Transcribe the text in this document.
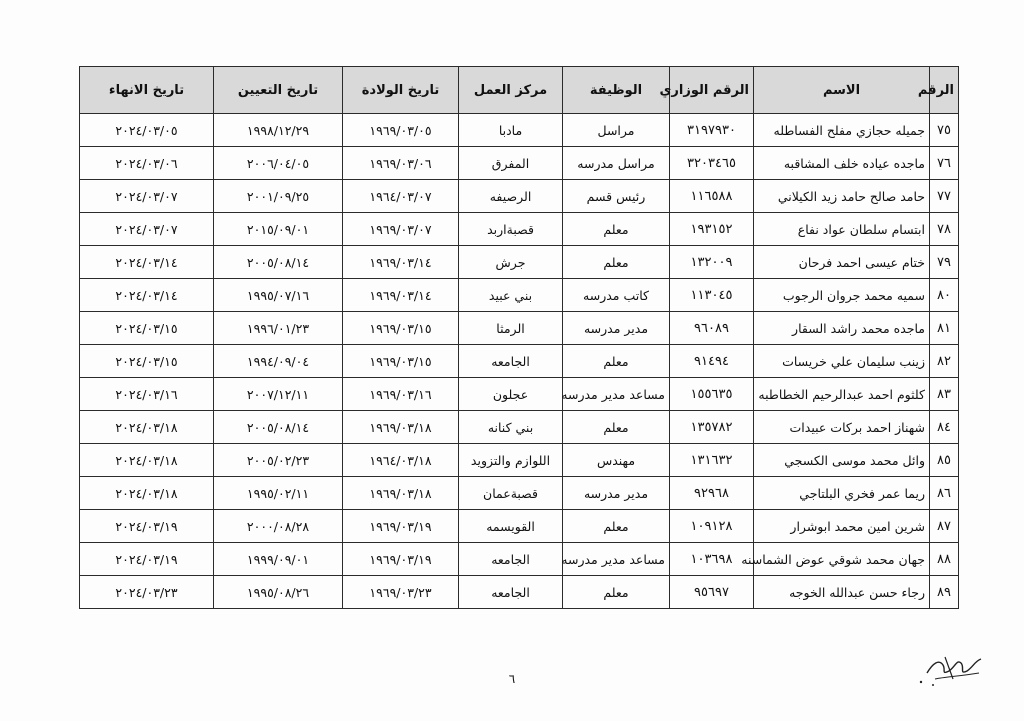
الرقم	الاسم	الرقم الوزاري	الوظيفة	مركز العمل	تاريخ الولادة	تاريخ التعيين	تاريخ الانهاء
٧٥	جميله حجازي مفلح الفساطله	٣١٩٧٩٣٠	مراسل	مادبا	١٩٦٩/٠٣/٠٥	١٩٩٨/١٢/٢٩	٢٠٢٤/٠٣/٠٥
٧٦	ماجده عياده خلف المشاقبه	٣٢٠٣٤٦٥	مراسل مدرسه	المفرق	١٩٦٩/٠٣/٠٦	٢٠٠٦/٠٤/٠٥	٢٠٢٤/٠٣/٠٦
٧٧	حامد صالح حامد زيد الكيلاني	١١٦٥٨٨	رئيس قسم	الرصيفه	١٩٦٤/٠٣/٠٧	٢٠٠١/٠٩/٢٥	٢٠٢٤/٠٣/٠٧
٧٨	ابتسام سلطان عواد نفاع	١٩٣١٥٢	معلم	قصبةاربد	١٩٦٩/٠٣/٠٧	٢٠١٥/٠٩/٠١	٢٠٢٤/٠٣/٠٧
٧٩	ختام عيسى احمد فرحان	١٣٢٠٠٩	معلم	جرش	١٩٦٩/٠٣/١٤	٢٠٠٥/٠٨/١٤	٢٠٢٤/٠٣/١٤
٨٠	سميه محمد جروان الرجوب	١١٣٠٤٥	كاتب مدرسه	بني عبيد	١٩٦٩/٠٣/١٤	١٩٩٥/٠٧/١٦	٢٠٢٤/٠٣/١٤
٨١	ماجده محمد راشد السقار	٩٦٠٨٩	مدير مدرسه	الرمثا	١٩٦٩/٠٣/١٥	١٩٩٦/٠١/٢٣	٢٠٢٤/٠٣/١٥
٨٢	زينب سليمان علي خريسات	٩١٤٩٤	معلم	الجامعه	١٩٦٩/٠٣/١٥	١٩٩٤/٠٩/٠٤	٢٠٢٤/٠٣/١٥
٨٣	كلثوم احمد عبدالرحيم الخطاطبه	١٥٥٦٣٥	مساعد مدير مدرسه	عجلون	١٩٦٩/٠٣/١٦	٢٠٠٧/١٢/١١	٢٠٢٤/٠٣/١٦
٨٤	شهناز احمد بركات عبيدات	١٣٥٧٨٢	معلم	بني كنانه	١٩٦٩/٠٣/١٨	٢٠٠٥/٠٨/١٤	٢٠٢٤/٠٣/١٨
٨٥	وائل محمد موسى الكسجي	١٣١٦٣٢	مهندس	اللوازم والتزويد	١٩٦٤/٠٣/١٨	٢٠٠٥/٠٢/٢٣	٢٠٢٤/٠٣/١٨
٨٦	ريما عمر فخري البلتاجي	٩٢٩٦٨	مدير مدرسه	قصبةعمان	١٩٦٩/٠٣/١٨	١٩٩٥/٠٢/١١	٢٠٢٤/٠٣/١٨
٨٧	شرين امين محمد ابوشرار	١٠٩١٢٨	معلم	القويسمه	١٩٦٩/٠٣/١٩	٢٠٠٠/٠٨/٢٨	٢٠٢٤/٠٣/١٩
٨٨	جهان محمد شوقي عوض الشماسنه	١٠٣٦٩٨	مساعد مدير مدرسه	الجامعه	١٩٦٩/٠٣/١٩	١٩٩٩/٠٩/٠١	٢٠٢٤/٠٣/١٩
٨٩	رجاء حسن عبدالله الخوجه	٩٥٦٩٧	معلم	الجامعه	١٩٦٩/٠٣/٢٣	١٩٩٥/٠٨/٢٦	٢٠٢٤/٠٣/٢٣
٦
